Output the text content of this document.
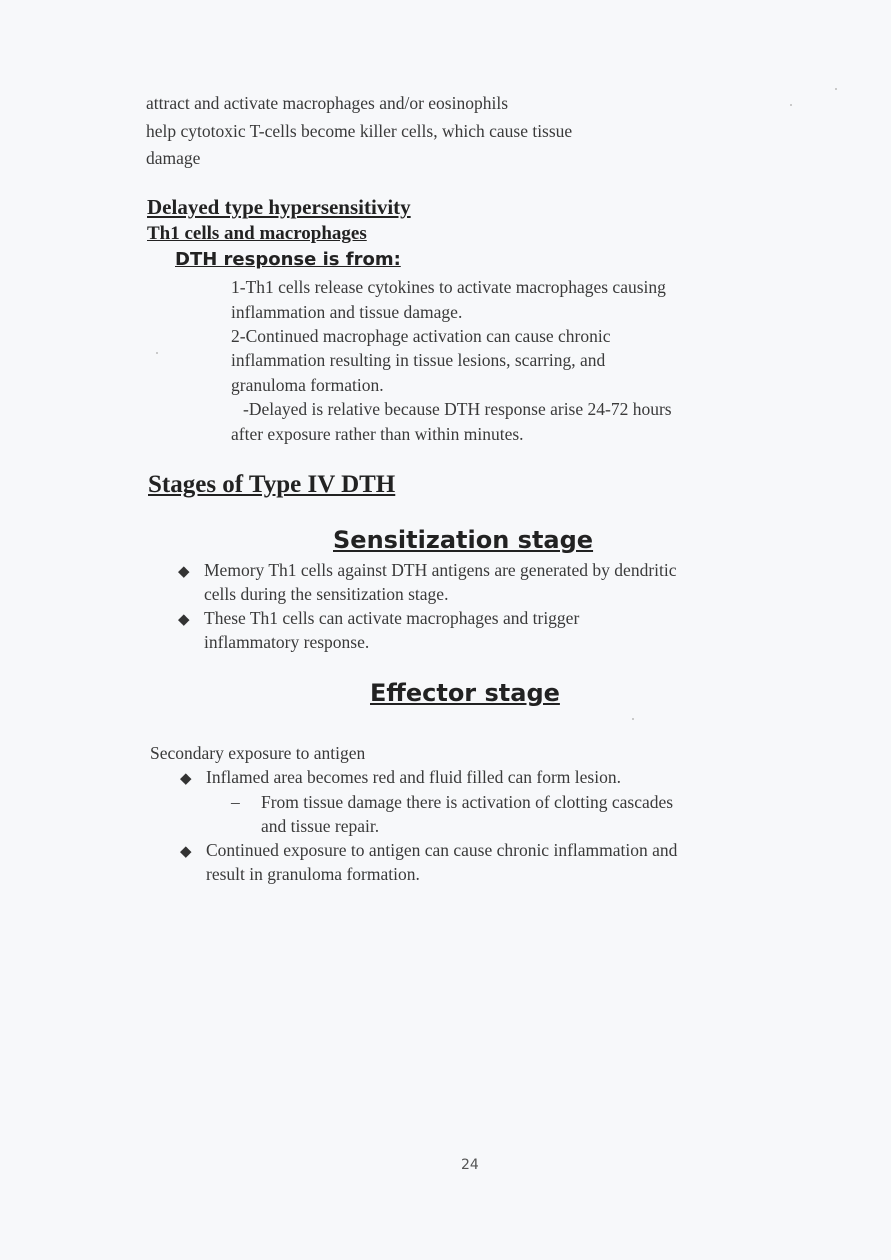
attract and activate macrophages and/or eosinophils
help cytotoxic T-cells become killer cells, which cause tissue
damage
Delayed type hypersensitivity
Th1 cells and macrophages
DTH response is from:
1-Th1 cells release cytokines to activate macrophages causing
inflammation and tissue damage.
2-Continued macrophage activation can cause chronic
inflammation resulting in tissue lesions, scarring, and
granuloma formation.
-Delayed is relative because DTH response arise 24-72 hours
after exposure rather than within minutes.
Stages of Type IV DTH
Sensitization stage
◆ Memory Th1 cells against DTH antigens are generated by dendritic
cells during the sensitization stage.
◆ These Th1 cells can activate macrophages and trigger
inflammatory response.
Effector stage
Secondary exposure to antigen
◆ Inflamed area becomes red and fluid filled can form lesion.
– From tissue damage there is activation of clotting cascades
and tissue repair.
◆ Continued exposure to antigen can cause chronic inflammation and
result in granuloma formation.
24
